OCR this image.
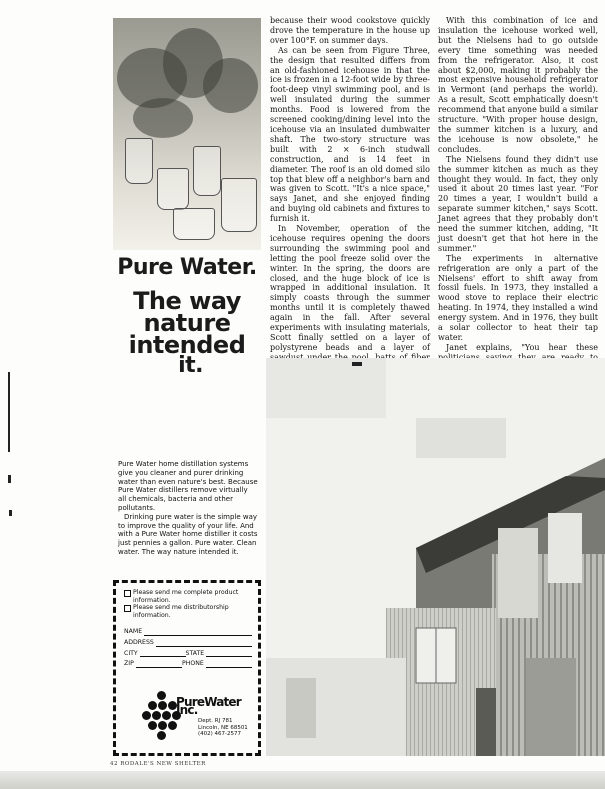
Pure Water.
The way nature intended
it.

Pure Water home distillation systems give you cleaner and purer drinking water than even nature's best. Because Pure Water distillers remove virtually all chemicals, bacteria and other pollutants.

Drinking pure water is the simple way to improve the quality of your life. And with a Pure Water home distiller it costs just pennies a gallon. Pure water. Clean water. The way nature intended it.

Please send me complete product information.
Please send me distributorship information.
NAME
ADDRESS
CITY	STATE
ZIP	PHONE
PureWater Inc.
Dept. RJ 781
Lincoln, NE 68501
(402) 467-2577

because their wood cookstove quickly drove the temperature in the house up over 100°F. on summer days.

As can be seen from Figure Three, the design that resulted differs from an old-fashioned icehouse in that the ice is frozen in a 12-foot wide by three-foot-deep vinyl swimming pool, and is well insulated during the summer months. Food is lowered from the screened cooking/dining level into the icehouse via an insulated dumbwaiter shaft. The two-story structure was built with 2 × 6-inch studwall construction, and is 14 feet in diameter. The roof is an old domed silo top that blew off a neighbor's barn and was given to Scott. "It's a nice space," says Janet, and she enjoyed finding and buying old cabinets and fixtures to furnish it.

In November, operation of the icehouse requires opening the doors surrounding the swimming pool and letting the pool freeze solid over the winter. In the spring, the doors are closed, and the huge block of ice is wrapped in additional insulation. It simply coasts through the summer months until it is completely thawed again in the fall. After several experiments with insulating materials, Scott finally settled on a layer of polystyrene beads and a layer of

With this combination of ice and insulation the icehouse worked well, but the Nielsens had to go outside every time something was needed from the refrigerator. Also, it cost about $2,000, making it probably the most expensive household refrigerator in Vermont (and perhaps the world). As a result, Scott emphatically doesn't recommend that anyone build a similar structure. "With proper house design, the summer kitchen is a luxury, and the icehouse is now obsolete," he concludes.

The Nielsens found they didn't use the summer kitchen as much as they thought they would. In fact, they only used it about 20 times last year. "For 20 times a year, I wouldn't build a separate summer kitchen," says Scott. Janet agrees that they probably don't need the summer kitchen, adding, "It just doesn't get that hot here in the summer."

The experiments in alternative refrigeration are only a part of the Nielsens' effort to shift away from fossil fuels. In 1973, they installed a wood stove to replace their electric heating. In 1974, they installed a wind energy system. And in 1976, they built a solar collector to heat their tap water.

Janet explains, "You hear these

42 RODALE'S NEW SHELTER
